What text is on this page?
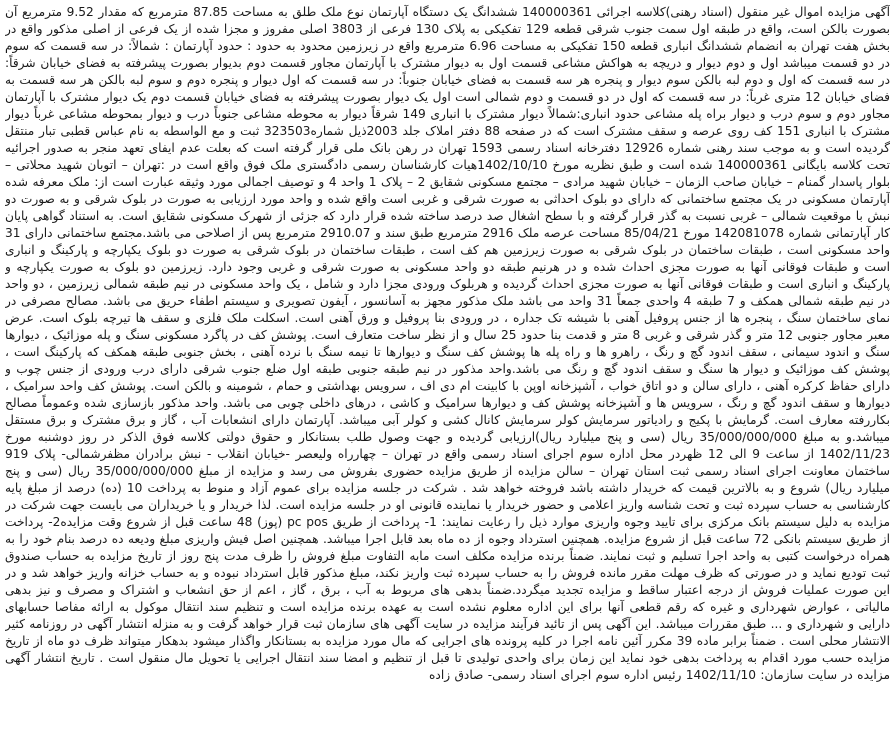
آگهی مزایده اموال غیر منقول (اسناد رهنی)کلاسه اجرائی 140000361 ششدانگ یک دستگاه آپارتمان نوع ملک طلق به مساحت 87.85 مترمربع که مقدار 9.52 مترمربع آن بصورت بالکن است، واقع در طبقه اول سمت جنوب شرقی قطعه 129 تفکیکی به پلاک 130 فرعی از 3803 اصلی مفروز و مجزا شده از یک فرعی از اصلی مذکور واقع در بخش هفت تهران به انضمام ششدانگ انباری قطعه 150 تفکیکی به مساحت 6.96 مترمربع واقع در زیرزمین محدود به حدود : حدود آپارتمان : شمالاً: در سه قسمت که سوم در دو قسمت میباشد اول و دوم دیوار و دریچه به هواکش مشاعی قسمت اول به دیوار مشترک با آپارتمان مجاور قسمت دوم بدیوار بصورت پیشرفته به فضای خیابان شرقاً: در سه قسمت که اول و دوم لبه بالکن سوم دیوار و پنجره هر سه قسمت به فضای خیابان جنوباً: در سه قسمت که اول دیوار و پنجره دوم و سوم لبه بالکن هر سه قسمت به فضای خیابان 12 متری غرباً: در سه قسمت که اول در دو قسمت و دوم شمالی است اول یک دیوار بصورت پیشرفته به فضای خیابان قسمت دوم یک دیوار مشترک با آپارتمان مجاور دوم و سوم درب و دیوار براه پله مشاعی حدود انباری:شمالاً دیوار مشترک با انباری 149 شرقاً دیوار به محوطه مشاعی جنوباً درب و دیوار بمحوطه مشاعی غرباً دیوار مشترک با انباری 151 کف روی عرصه و سقف مشترک است که در صفحه 88 دفتر املاک جلد 2003ذیل شماره323503 ثبت و مع الواسطه به نام عباس قطبی تبار منتقل گردیده است و به موجب سند رهنی شماره 12926 دفترخانه اسناد رسمی 1593 تهران در رهن بانک ملی قرار گرفته است که بعلت عدم ایفای تعهد منجر به صدور اجرائیه تحت کلاسه بایگانی 140000361 شده است و طبق نظریه مورخ 1402/10/10هیات کارشناسان رسمی دادگستری ملک فوق واقع است در :تهران – اتوبان شهید محلاتی – بلوار پاسدار گمنام – خیابان صاحب الزمان – خیابان شهید مرادی – مجتمع مسکونی شقایق 2 – پلاک 1 واحد 4 و توصیف اجمالی مورد وثیقه عبارت است از: ملک معرفه شده آپارتمان مسکونی در یک مجتمع ساختمانی که دارای دو بلوک احداثی به صورت شرقی و غربی است واقع شده و واحد مورد ارزیابی به صورت در بلوک شرقی و به صورت دو نبش با موقعیت شمالی – غربی نسبت به گذر قرار گرفته و با سطح اشغال صد درصد ساخته شده قرار دارد که جزئی از شهرک مسکونی شقایق است. به استناد گواهی پایان کار آپارتمانی شماره 142081078 مورخ 85/04/21 مساحت عرصه ملک 2916 مترمربع طبق سند و 2910.07 مترمربع پس از اصلاحی می باشد.مجتمع ساختمانی دارای 31 واحد مسکونی است ، طبقات ساختمان در بلوک شرقی به صورت زیرزمین هم کف است ، طبقات ساختمان در بلوک شرقی به صورت دو بلوک یکپارچه و پارکینگ و انباری است و طبقات فوقانی آنها به صورت مجزی احداث شده و در هرنیم طبقه دو واحد مسکونی به صورت شرقی و غربی وجود دارد. زیرزمین دو بلوک به صورت یکپارچه و پارکینگ و انباری است و طبقات فوقانی آنها به صورت مجزی احداث گردیده و هربلوک ورودی مجزا دارد و شامل ، یک واحد مسکونی در نیم طبقه شمالی زیرزمین ، دو واحد در نیم طبقه شمالی همکف و 7 طبقه 4 واحدی جمعاً 31 واحد می باشد ملک مذکور مجهز به آسانسور ، آیفون تصویری و سیستم اطفاء حریق می باشد. مصالح مصرفی در نمای ساختمان سنگ ، پنجره ها از جنس پروفیل آهنی با شیشه تک جداره ، در ورودی بنا پروفیل و ورق آهنی است. اسکلت ملک فلزی و سقف ها تیرچه بلوک است. عرض معبر مجاور جنوبی 12 متر و گذر شرقی و غربی 8 متر و قدمت بنا حدود 25 سال و از نظر ساخت متعارف است. پوشش کف در پاگرد مسکونی سنگ و پله موزائیک ، دیوارها سنگ و اندود سیمانی ، سقف اندود گچ و رنگ ، راهرو ها و راه پله ها پوشش کف سنگ و دیوارها تا نیمه سنگ با نرده آهنی ، بخش جنوبی طبقه همکف که پارکینگ است ، پوشش کف موزائیک و دیوار ها سنگ و سقف اندود گچ و رنگ می باشد.واحد مذکور در نیم طبقه جنوبی طبقه اول ضلع جنوب شرقی دارای درب ورودی از جنس چوب و دارای حفاظ کرکره آهنی ، دارای سالن و دو اتاق خواب ، آشپزخانه اوپن با کابینت ام دی اف ، سرویس بهداشتی و حمام ، شومینه و بالکن است. پوشش کف واحد سرامیک ، دیوارها و سقف اندود گچ و رنگ ، سرویس ها و آشپزخانه پوشش کف و دیوارها سرامیک و کاشی ، درهای داخلی چوبی می باشد. واحد مذکور بازسازی شده وعموماً مصالح بکاررفته معارف است. گرمایش با پکیج و رادیاتور سرمایش کولر سرمایش کانال کشی و کولر آبی میباشد. آپارتمان دارای انشعابات آب ، گاز و برق مشترک و برق مستقل میباشد.و به مبلغ 35/000/000/000 ریال (سی و پنج میلیارد ریال)ارزیابی گردیده و جهت وصول طلب بستانکار و حقوق دولتی کلاسه فوق الذکر در روز دوشنبه مورخ 1402/11/23 از ساعت 9 الی 12 ظهردر محل اداره سوم اجرای اسناد رسمی واقع در تهران – چهارراه ولیعصر -خیابان انقلاب - نبش برادران مظفرشمالی- پلاک 919 ساختمان معاونت اجرای اسناد رسمی ثبت استان تهران – سالن مزایده از طریق مزایده حضوری بفروش می رسد و مزایده از مبلغ 35/000/000/000 ریال (سی و پنج میلیارد ریال) شروع و به بالاترین قیمت که خریدار داشته باشد فروخته خواهد شد . شرکت در جلسه مزایده برای عموم آزاد و منوط به پرداخت 10 (ده) درصد از مبلغ پایه کارشناسی به حساب سپرده ثبت و تحت شناسه واریز اعلامی و حضور خریدار یا نماینده قانونی او در جلسه مزایده است. لذا خریدار و یا خریداران می بایست جهت شرکت در مزایده به دلیل سیستم بانک مرکزی برای تایید وجوه واریزی موارد ذیل را رعایت نمایند: 1- پرداخت از طریق pc pos (پوز) 48 ساعت قبل از شروع وقت مزایده2- پرداخت از طریق سیستم بانکی 72 ساعت قبل از شروع مزایده. همچنین استرداد وجوه از ده ماه بعد قابل اجرا میباشد. همچنین اصل فیش واریزی مبلغ ودیعه ده درصد بنام خود را به همراه درخواست کتبی به واحد اجرا تسلیم و ثبت نمایند. ضمناً برنده مزایده مکلف است مابه التفاوت مبلغ فروش را ظرف مدت پنج روز از تاریخ مزایده به حساب صندوق ثبت تودیع نماید و در صورتی که ظرف مهلت مقرر مانده فروش را به حساب سپرده ثبت واریز نکند، مبلغ مذکور قابل استرداد نبوده و به حساب خزانه واریز خواهد شد و در این صورت عملیات فروش از درجه اعتبار ساقط و مزایده تجدید میگردد.ضمناً بدهی های مربوط به آب ، برق ، گاز ، اعم از حق انشعاب و اشتراک و مصرف و نیز بدهی مالیاتی ، عوارض شهرداری و غیره که رقم قطعی آنها برای این اداره معلوم نشده است به عهده برنده مزایده است و تنظیم سند انتقال موکول به ارائه مفاصا حسابهای دارایی و شهرداری و ... طبق مقررات میباشد. این آگهی پس از تائید فرآیند مزایده در سایت آگهی های سازمان ثبت قرار خواهد گرفت و به منزله انتشار آگهی در روزنامه کثیر الانتشار محلی است . ضمناً برابر ماده 39 مکرر آئین نامه اجرا در کلیه پرونده های اجرایی که مال مورد مزایده به بستانکار واگذار میشود بدهکار میتواند ظرف دو ماه از تاریخ مزایده حسب مورد اقدام به پرداخت بدهی خود نماید این زمان برای واحدی تولیدی تا قبل از تنظیم و امضا سند انتقال اجرایی یا تحویل مال منقول است . تاریخ انتشار آگهی مزایده در سایت سازمان: 1402/11/10 رئیس اداره سوم اجرای اسناد رسمی- صادق زاده
